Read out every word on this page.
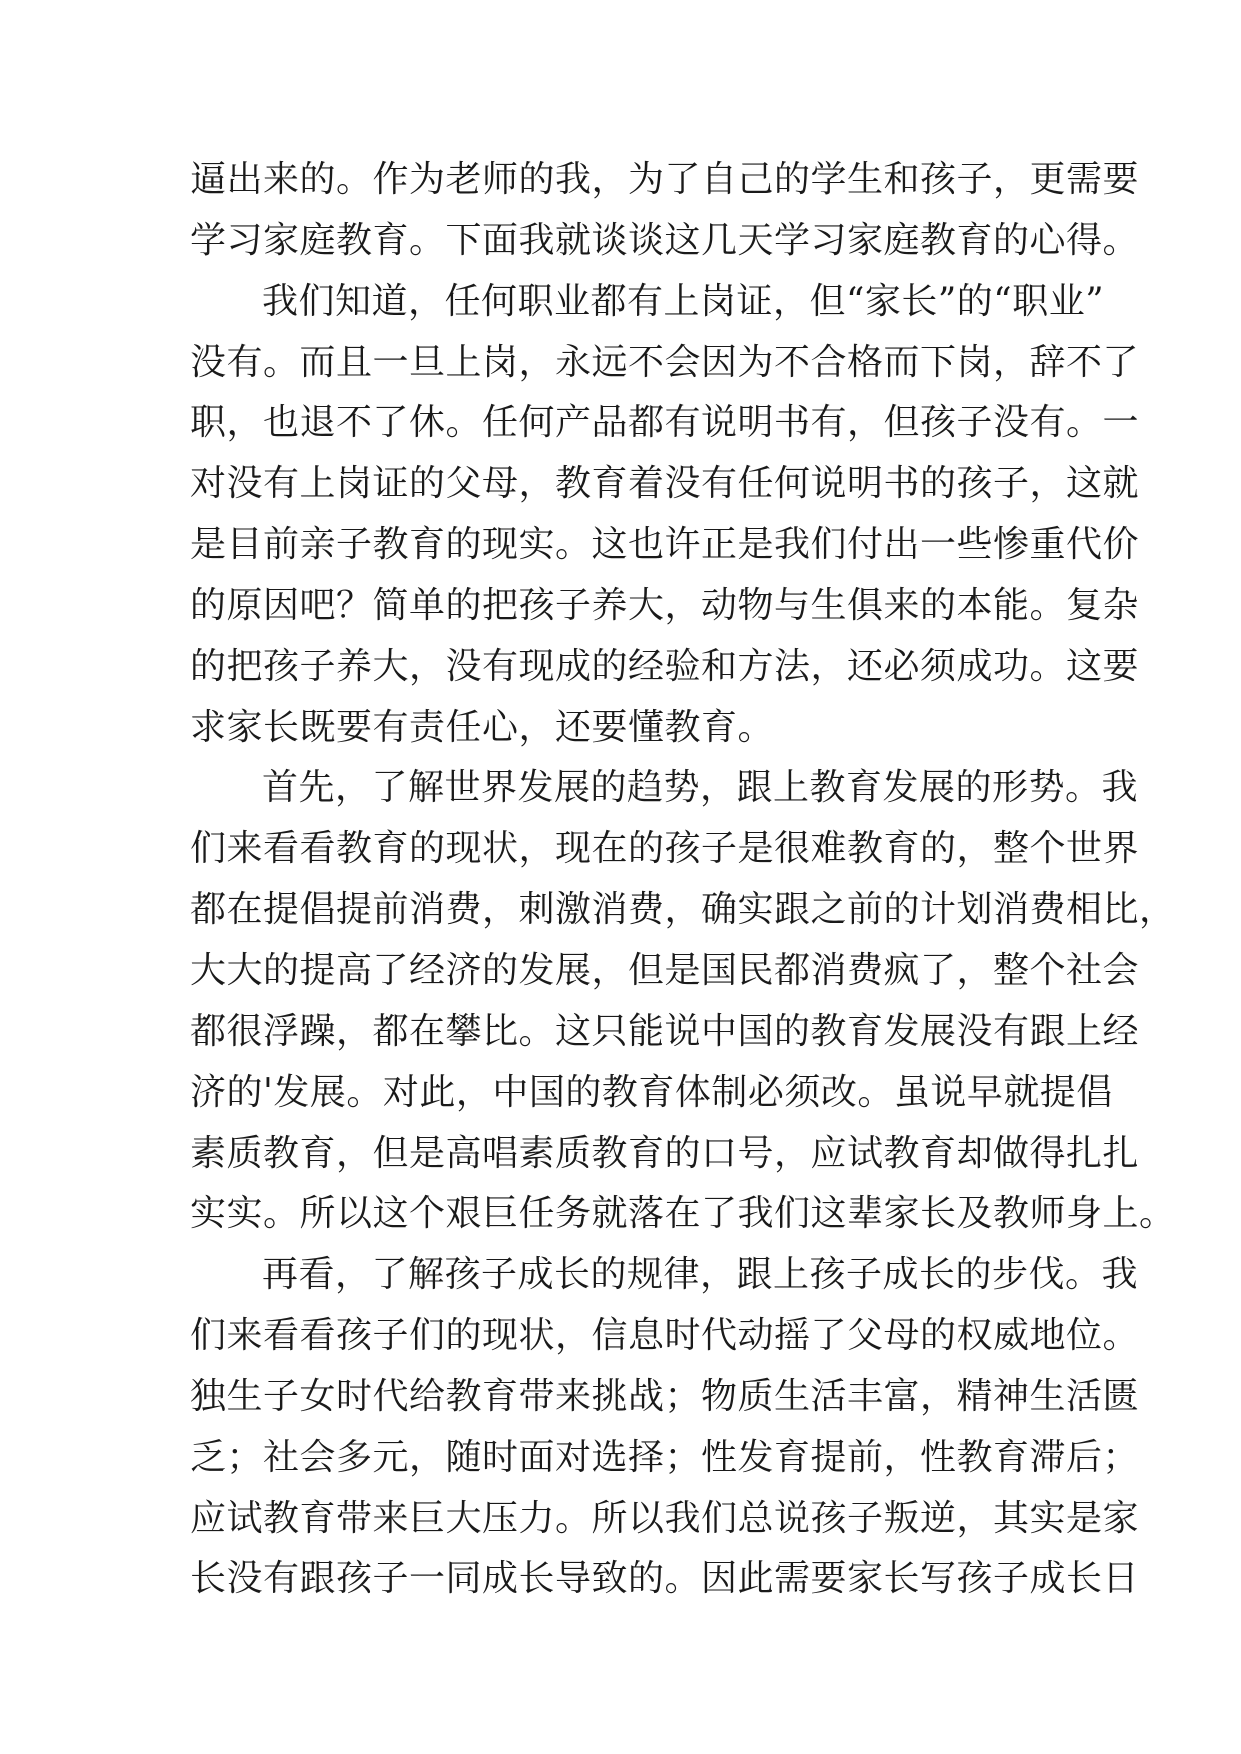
逼出来的。作为老师的我，为了自己的学生和孩子，更需要
学习家庭教育。下面我就谈谈这几天学习家庭教育的心得。
我们知道，任何职业都有上岗证，但“家长”的“职业”
没有。而且一旦上岗，永远不会因为不合格而下岗，辞不了
职，也退不了休。任何产品都有说明书有，但孩子没有。一
对没有上岗证的父母，教育着没有任何说明书的孩子，这就
是目前亲子教育的现实。这也许正是我们付出一些惨重代价
的原因吧？简单的把孩子养大，动物与生俱来的本能。复杂
的把孩子养大，没有现成的经验和方法，还必须成功。这要
求家长既要有责任心，还要懂教育。
首先，了解世界发展的趋势，跟上教育发展的形势。我
们来看看教育的现状，现在的孩子是很难教育的，整个世界
都在提倡提前消费，刺激消费，确实跟之前的计划消费相比，
大大的提高了经济的发展，但是国民都消费疯了，整个社会
都很浮躁，都在攀比。这只能说中国的教育发展没有跟上经
济的'发展。对此，中国的教育体制必须改。虽说早就提倡
素质教育，但是高唱素质教育的口号，应试教育却做得扎扎
实实。所以这个艰巨任务就落在了我们这辈家长及教师身上。
再看，了解孩子成长的规律，跟上孩子成长的步伐。我
们来看看孩子们的现状，信息时代动摇了父母的权威地位。
独生子女时代给教育带来挑战；物质生活丰富，精神生活匮
乏；社会多元，随时面对选择；性发育提前，性教育滞后；
应试教育带来巨大压力。所以我们总说孩子叛逆，其实是家
长没有跟孩子一同成长导致的。因此需要家长写孩子成长日
